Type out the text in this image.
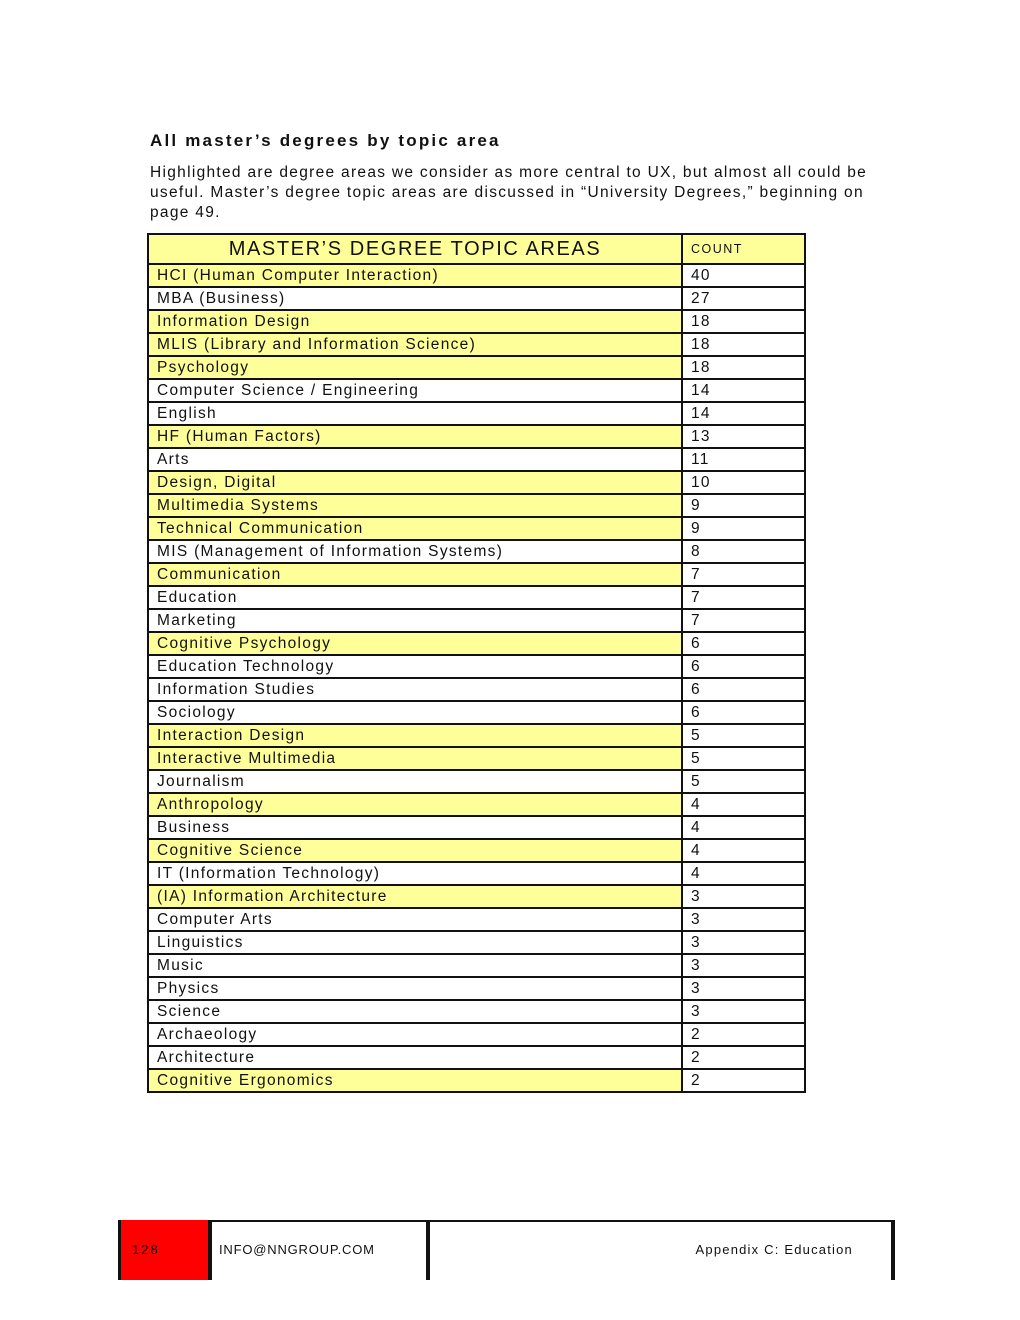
All master’s degrees by topic area

Highlighted are degree areas we consider as more central to UX, but almost all could be useful. Master’s degree topic areas are discussed in “University Degrees,” beginning on page 49.

MASTER’S DEGREE TOPIC AREAS	COUNT
HCI (Human Computer Interaction)	40
MBA (Business)	27
Information Design	18
MLIS (Library and Information Science)	18
Psychology	18
Computer Science / Engineering	14
English	14
HF (Human Factors)	13
Arts	11
Design, Digital	10
Multimedia Systems	9
Technical Communication	9
MIS (Management of Information Systems)	8
Communication	7
Education	7
Marketing	7
Cognitive Psychology	6
Education Technology	6
Information Studies	6
Sociology	6
Interaction Design	5
Interactive Multimedia	5
Journalism	5
Anthropology	4
Business	4
Cognitive Science	4
IT (Information Technology)	4
(IA) Information Architecture	3
Computer Arts	3
Linguistics	3
Music	3
Physics	3
Science	3
Archaeology	2
Architecture	2
Cognitive Ergonomics	2
128	INFO@NNGROUP.COM	Appendix C: Education
